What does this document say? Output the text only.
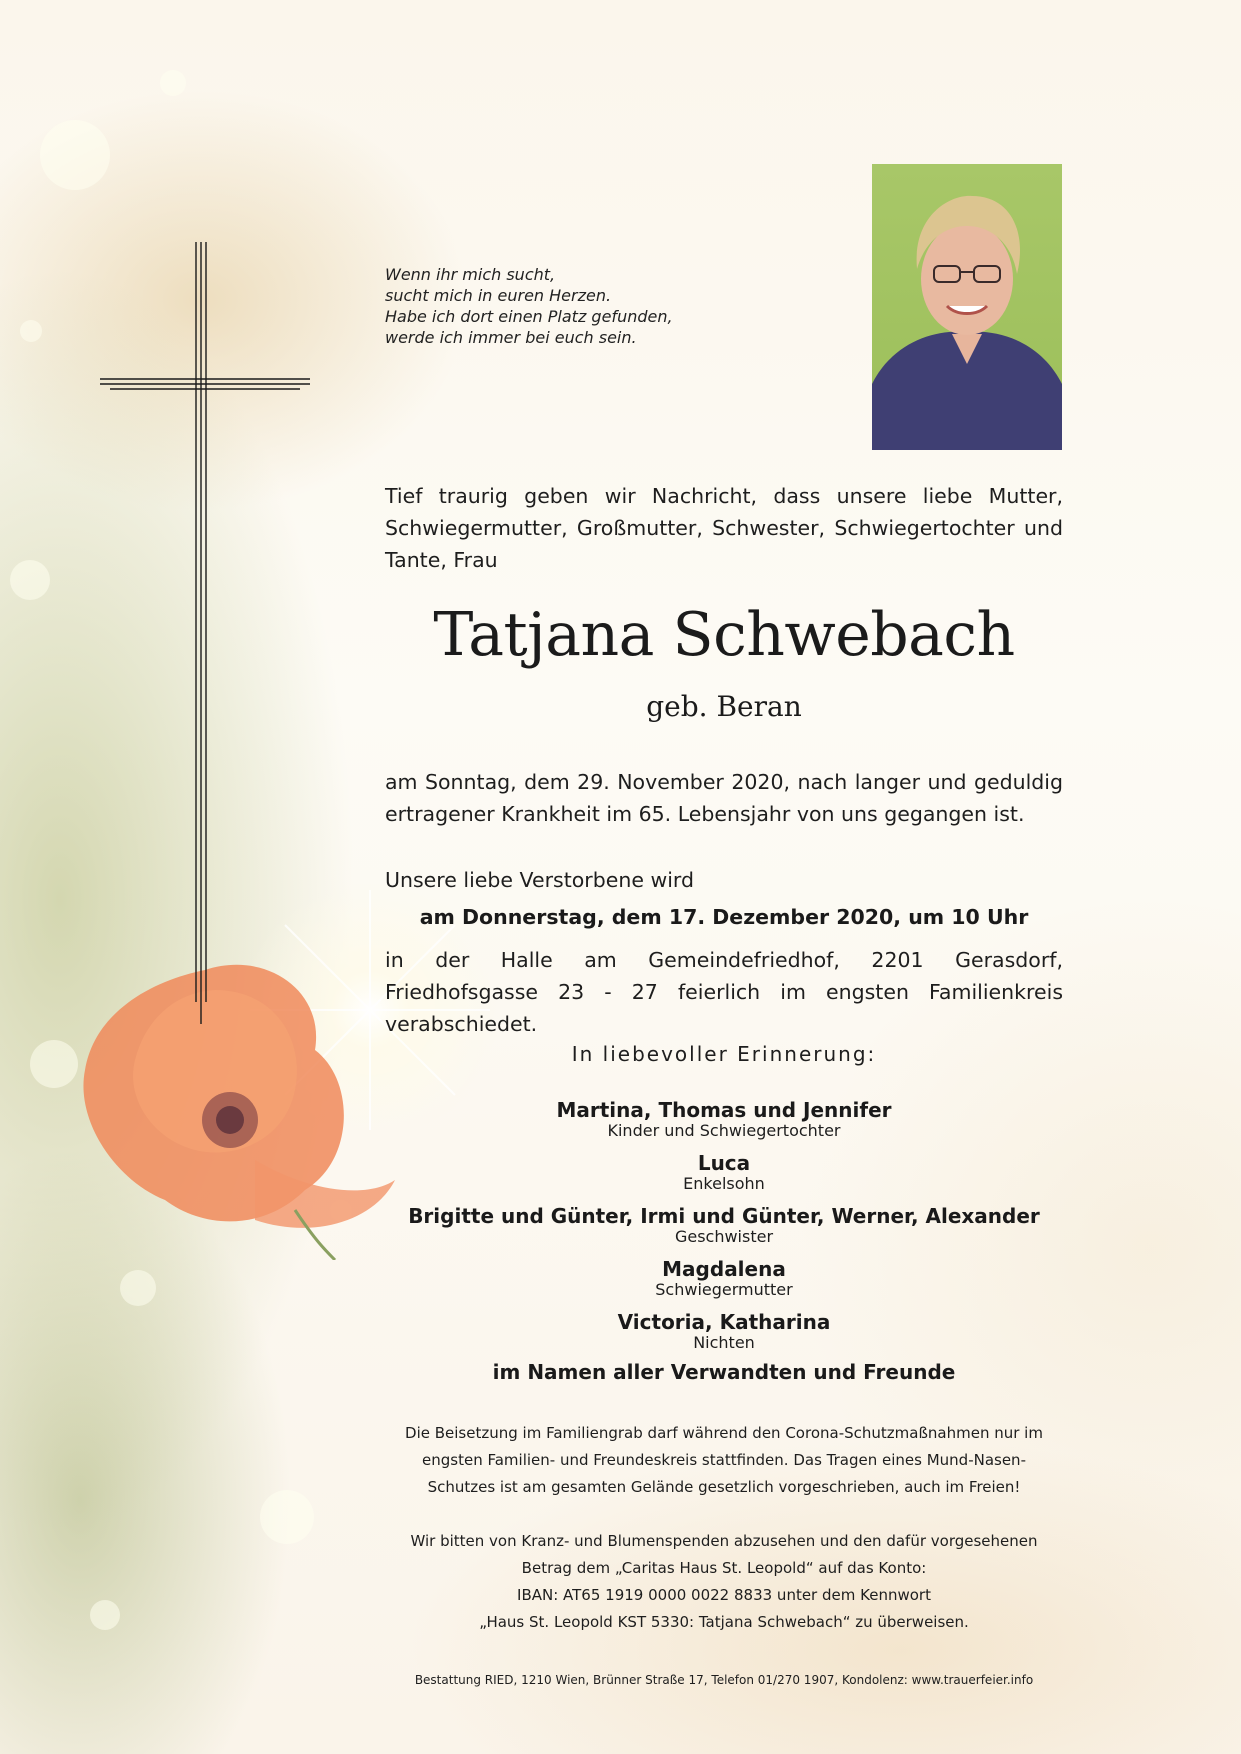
Wenn ihr mich sucht,
sucht mich in euren Herzen.
Habe ich dort einen Platz gefunden,
werde ich immer bei euch sein.
Tief traurig geben wir Nachricht, dass unsere liebe Mutter, Schwiegermutter, Großmutter, Schwester, Schwiegertochter und Tante, Frau
Tatjana Schwebach
geb. Beran
am Sonntag, dem 29. November 2020, nach langer und geduldig ertragener Krankheit im 65. Lebensjahr von uns gegangen ist.
Unsere liebe Verstorbene wird
am Donnerstag, dem 17. Dezember 2020, um 10 Uhr
in der Halle am Gemeindefriedhof, 2201 Gerasdorf, Friedhofsgasse 23 - 27 feierlich im engsten Familienkreis verabschiedet.
In liebevoller Erinnerung:
Martina, Thomas und Jennifer
Kinder und Schwiegertochter
Luca
Enkelsohn
Brigitte und Günter, Irmi und Günter, Werner, Alexander
Geschwister
Magdalena
Schwiegermutter
Victoria, Katharina
Nichten
im Namen aller Verwandten und Freunde
Die Beisetzung im Familiengrab darf während den Corona-Schutzmaßnahmen nur im
engsten Familien- und Freundeskreis stattfinden. Das Tragen eines Mund-Nasen-
Schutzes ist am gesamten Gelände gesetzlich vorgeschrieben, auch im Freien!
Wir bitten von Kranz- und Blumenspenden abzusehen und den dafür vorgesehenen
Betrag dem „Caritas Haus St. Leopold“ auf das Konto:
IBAN: AT65 1919 0000 0022 8833 unter dem Kennwort
„Haus St. Leopold KST 5330: Tatjana Schwebach“ zu überweisen.
Bestattung RIED, 1210 Wien, Brünner Straße 17, Telefon 01/270 1907, Kondolenz: www.trauerfeier.info
